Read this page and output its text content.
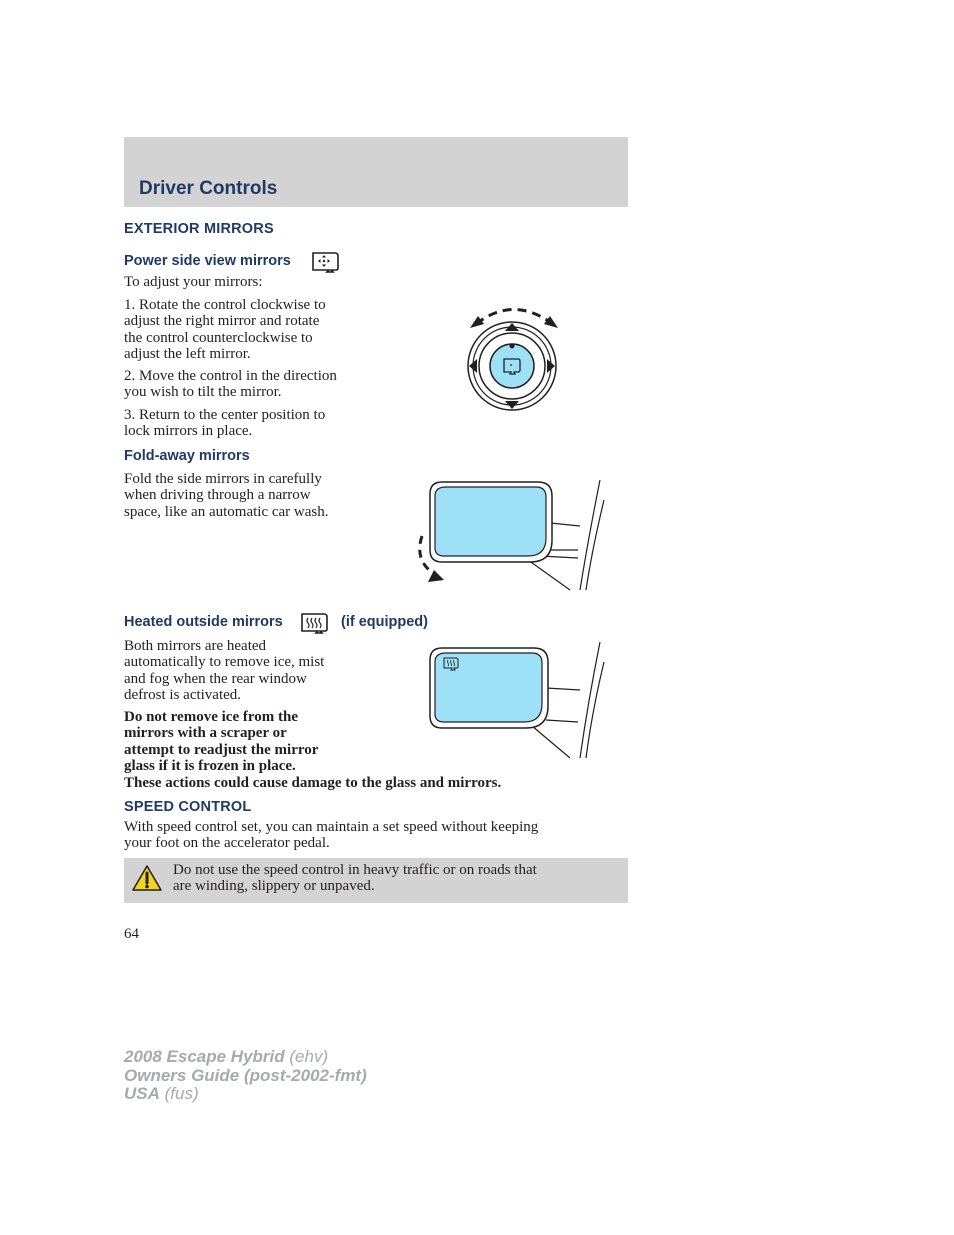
Driver Controls
EXTERIOR MIRRORS
Power side view mirrors
To adjust your mirrors:
1. Rotate the control clockwise to
adjust the right mirror and rotate
the control counterclockwise to
adjust the left mirror.
2. Move the control in the direction
you wish to tilt the mirror.
3. Return to the center position to
lock mirrors in place.
Fold-away mirrors
Fold the side mirrors in carefully
when driving through a narrow
space, like an automatic car wash.
Heated outside mirrors	(if equipped)
Both mirrors are heated
automatically to remove ice, mist
and fog when the rear window
defrost is activated.
Do not remove ice from the
mirrors with a scraper or
attempt to readjust the mirror
glass if it is frozen in place.
These actions could cause damage to the glass and mirrors.
SPEED CONTROL
With speed control set, you can maintain a set speed without keeping
your foot on the accelerator pedal.
Do not use the speed control in heavy traffic or on roads that
are winding, slippery or unpaved.
64
2008 Escape Hybrid (ehv)
Owners Guide (post-2002-fmt)
USA (fus)
